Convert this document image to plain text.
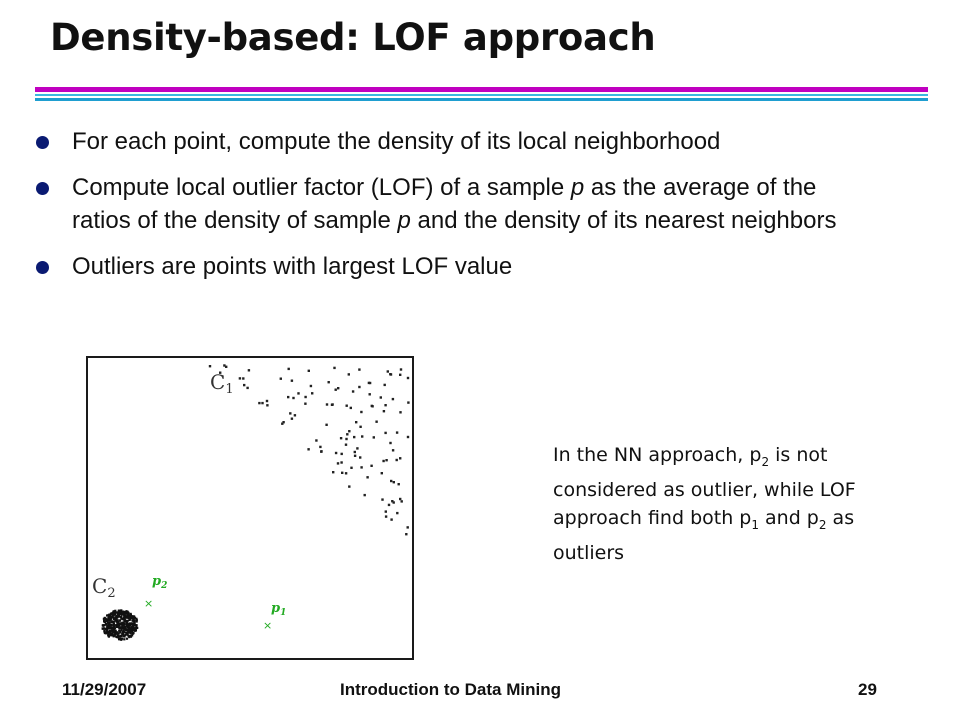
Density-based: LOF approach
For each point, compute the density of its local neighborhood
Compute local outlier factor (LOF) of a sample p as the average of the ratios of the density of sample p and the density of its nearest neighbors
Outliers are points with largest LOF value
$C_1$
$C_2$
$p_2$
×	$p_1$
×
In the NN approach, $p_2$ is not considered as outlier, while LOF approach find both $p_1$ and $p_2$ as outliers
11/29/2007	Introduction to Data Mining	29
